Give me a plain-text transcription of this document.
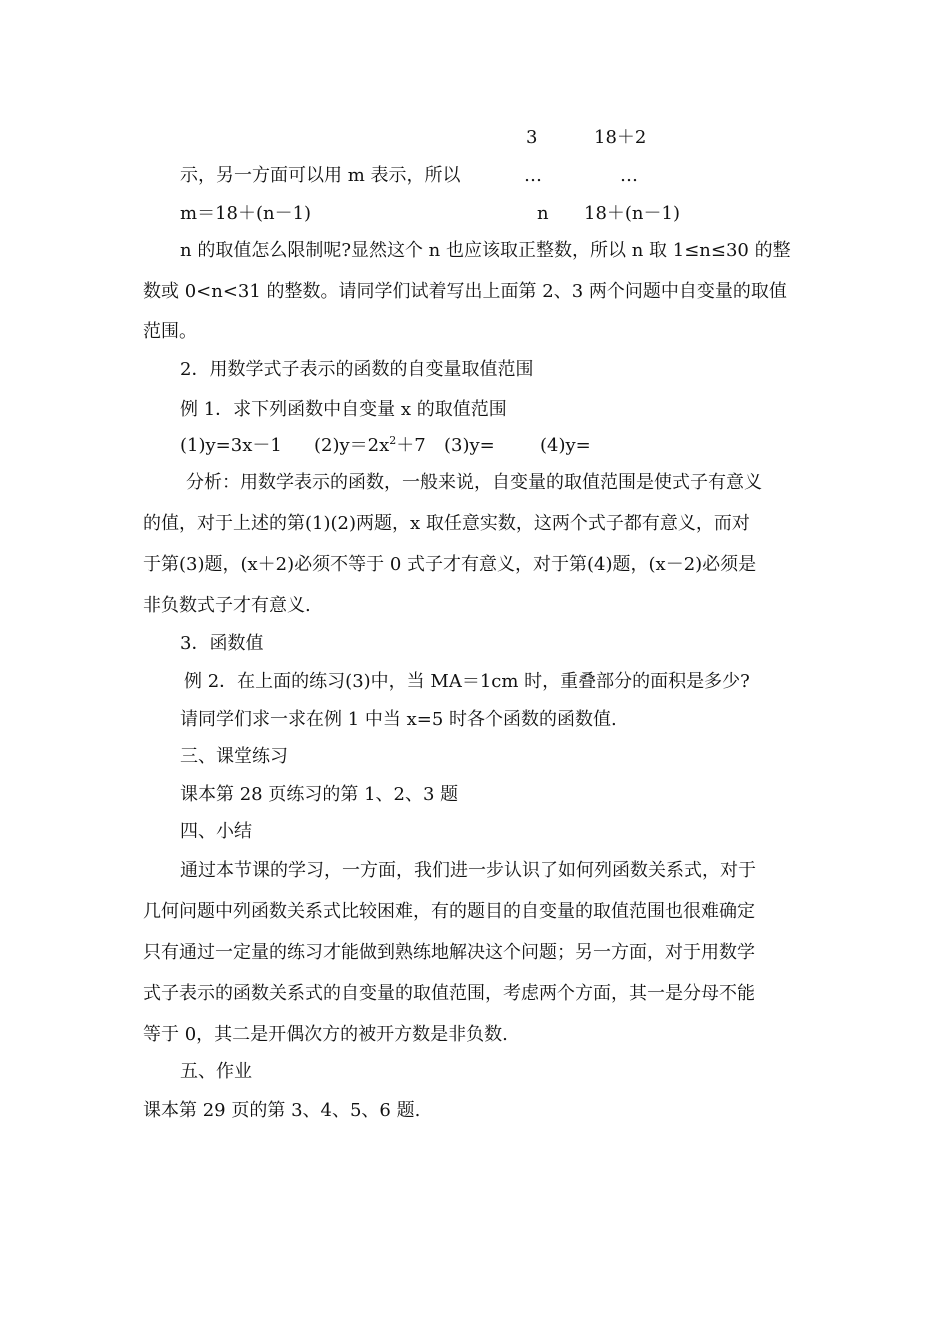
3	18＋2
…	…
n 18＋(n－1)
示，另一方面可以用 m 表示，所以
m＝18＋(n－1)
n 的取值怎么限制呢?显然这个 n 也应该取正整数，所以 n 取 1≤n≤30 的整
数或 0<n<31 的整数。请同学们试着写出上面第 2、3 两个问题中自变量的取值
范围。
2．用数学式子表示的函数的自变量取值范围
例 1．求下列函数中自变量 x 的取值范围
(1)y=3x－1 $(2)y=2x^2+7$ (3)y=	(4)y=
分析：用数学表示的函数，一般来说，自变量的取值范围是使式子有意义
的值，对于上述的第(1)(2)两题，x 取任意实数，这两个式子都有意义，而对
于第(3)题，(x＋2)必须不等于 0 式子才有意义，对于第(4)题，(x－2)必须是
非负数式子才有意义.
3．函数值
例 2．在上面的练习(3)中，当 MA＝1cm 时，重叠部分的面积是多少?
请同学们求一求在例 1 中当 x=5 时各个函数的函数值.
三、课堂练习
课本第 28 页练习的第 1、2、3 题
四、小结
通过本节课的学习，一方面，我们进一步认识了如何列函数关系式，对于
几何问题中列函数关系式比较困难，有的题目的自变量的取值范围也很难确定
只有通过一定量的练习才能做到熟练地解决这个问题；另一方面，对于用数学
式子表示的函数关系式的自变量的取值范围，考虑两个方面，其一是分母不能
等于 0，其二是开偶次方的被开方数是非负数.
五、作业
课本第 29 页的第 3、4、5、6 题.
